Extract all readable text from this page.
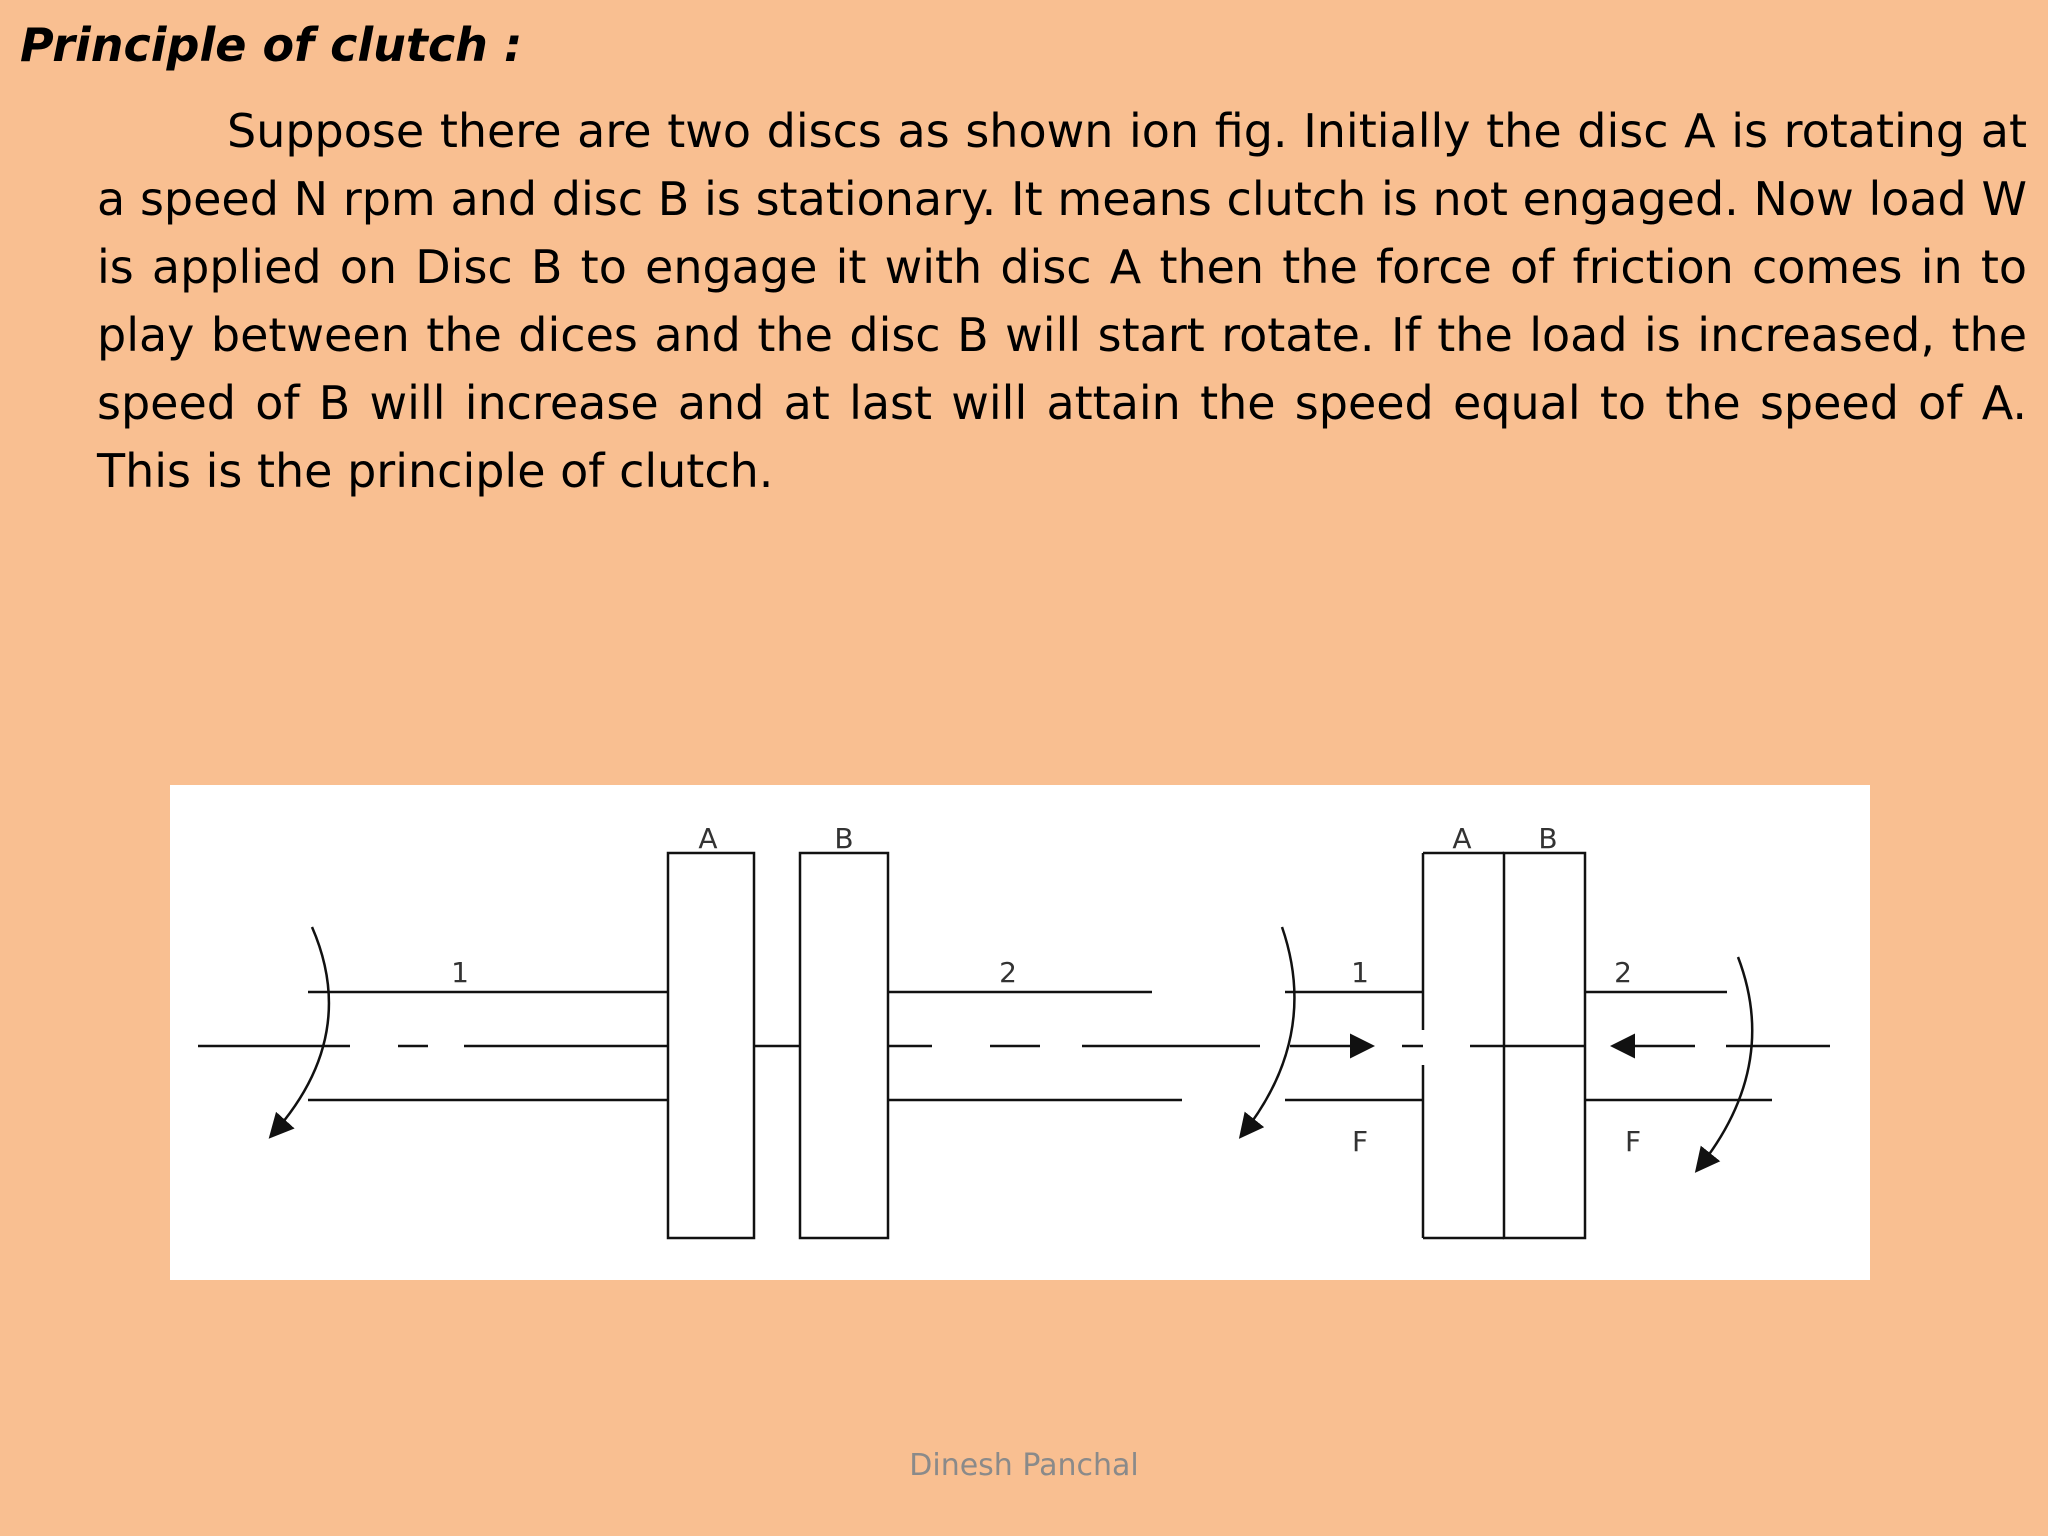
Principle of clutch :

Suppose there are two discs as shown ion fig. Initially the disc A is rotating at a speed N rpm and disc B is stationary. It means clutch is not engaged. Now load W is applied on Disc B to engage it with disc A then the force of friction comes in to play between the dices and the disc B will start rotate. If the load is increased, the speed of B will increase and at last will attain the speed equal to the speed of A. This is the principle of clutch.

A	B
1	2
A B
1	2
F	F
Dinesh Panchal
